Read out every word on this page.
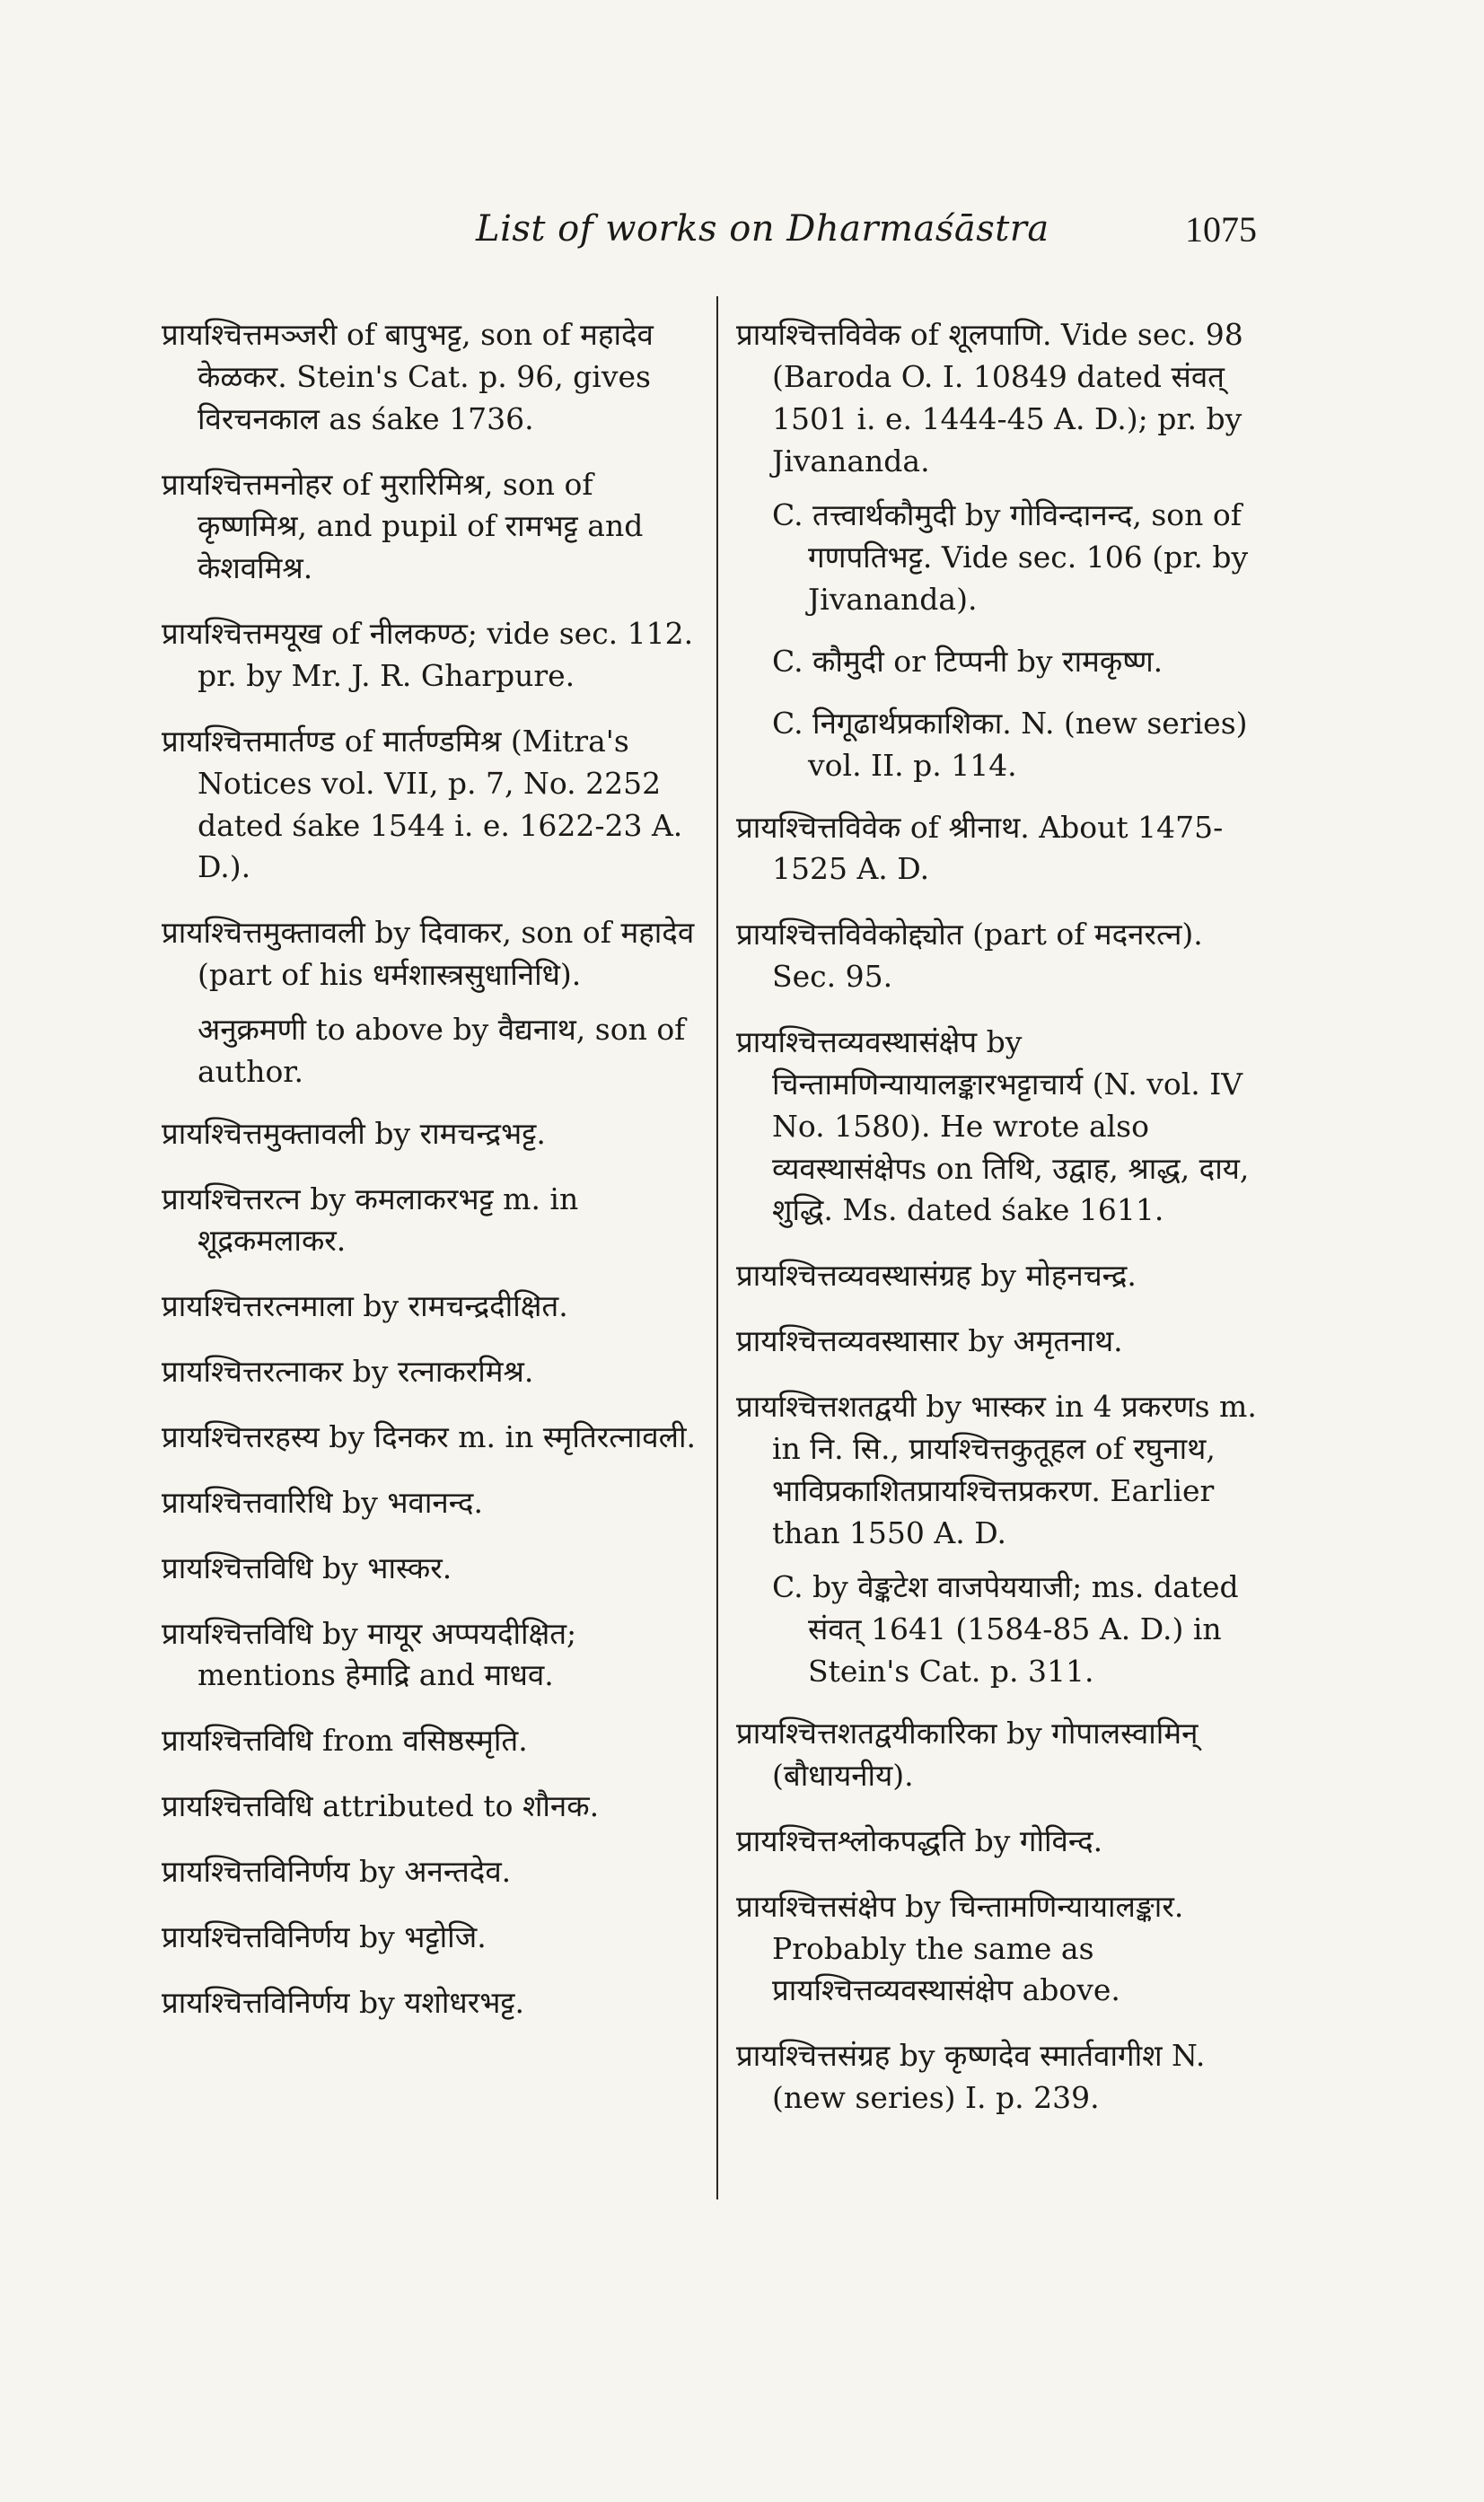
List of works on Dharmaśāstra	1075

प्रायश्चित्तमञ्जरी of बापुभट्ट, son of महादेव केळकर. Stein's Cat. p. 96, gives विरचनकाल as śake 1736.

प्रायश्चित्तमनोहर of मुरारिमिश्र, son of कृष्णमिश्र, and pupil of रामभट्ट and केशवमिश्र.

प्रायश्चित्तमयूख of नीलकण्ठ; vide sec. 112. pr. by Mr. J. R. Gharpure.

प्रायश्चित्तमार्तण्ड of मार्तण्डमिश्र (Mitra's Notices vol. VII, p. 7, No. 2252 dated śake 1544 i. e. 1622-23 A. D.).

प्रायश्चित्तमुक्तावली by दिवाकर, son of महादेव (part of his धर्मशास्त्रसुधानिधि).

अनुक्रमणी to above by वैद्यनाथ, son of author.

प्रायश्चित्तमुक्तावली by रामचन्द्रभट्ट.

प्रायश्चित्तरत्न by कमलाकरभट्ट m. in शूद्रकमलाकर.

प्रायश्चित्तरत्नमाला by रामचन्द्रदीक्षित.

प्रायश्चित्तरत्नाकर by रत्नाकरमिश्र.

प्रायश्चित्तरहस्य by दिनकर m. in स्मृतिरत्नावली.

प्रायश्चित्तवारिधि by भवानन्द.

प्रायश्चित्तविधि by भास्कर.

प्रायश्चित्तविधि by मायूर अप्पयदीक्षित; mentions हेमाद्रि and माधव.

प्रायश्चित्तविधि from वसिष्ठस्मृति.

प्रायश्चित्तविधि attributed to शौनक.

प्रायश्चित्तविनिर्णय by अनन्तदेव.

प्रायश्चित्तविनिर्णय by भट्टोजि.

प्रायश्चित्तविनिर्णय by यशोधरभट्ट.

प्रायश्चित्तविवेक of शूलपाणि. Vide sec. 98 (Baroda O. I. 10849 dated संवत् 1501 i. e. 1444-45 A. D.); pr. by Jivananda.

C. तत्त्वार्थकौमुदी by गोविन्दानन्द, son of गणपतिभट्ट. Vide sec. 106 (pr. by Jivananda).

C. कौमुदी or टिप्पनी by रामकृष्ण.

C. निगूढार्थप्रकाशिका. N. (new series) vol. II. p. 114.

प्रायश्चित्तविवेक of श्रीनाथ. About 1475-1525 A. D.

प्रायश्चित्तविवेकोद्द्योत (part of मदनरत्न). Sec. 95.

प्रायश्चित्तव्यवस्थासंक्षेप by चिन्तामणिन्यायालङ्कारभट्टाचार्य (N. vol. IV No. 1580). He wrote also व्यवस्थासंक्षेपs on तिथि, उद्वाह, श्राद्ध, दाय, शुद्धि. Ms. dated śake 1611.

प्रायश्चित्तव्यवस्थासंग्रह by मोहनचन्द्र.

प्रायश्चित्तव्यवस्थासार by अमृतनाथ.

प्रायश्चित्तशतद्वयी by भास्कर in 4 प्रकरणs m. in नि. सि., प्रायश्चित्तकुतूहल of रघुनाथ, भाविप्रकाशितप्रायश्चित्तप्रकरण. Earlier than 1550 A. D.

C. by वेङ्कटेश वाजपेययाजी; ms. dated संवत् 1641 (1584-85 A. D.) in Stein's Cat. p. 311.

प्रायश्चित्तशतद्वयीकारिका by गोपालस्वामिन् (बौधायनीय).

प्रायश्चित्तश्लोकपद्धति by गोविन्द.

प्रायश्चित्तसंक्षेप by चिन्तामणिन्यायालङ्कार. Probably the same as प्रायश्चित्तव्यवस्थासंक्षेप above.

प्रायश्चित्तसंग्रह by कृष्णदेव स्मार्तवागीश N. (new series) I. p. 239.
